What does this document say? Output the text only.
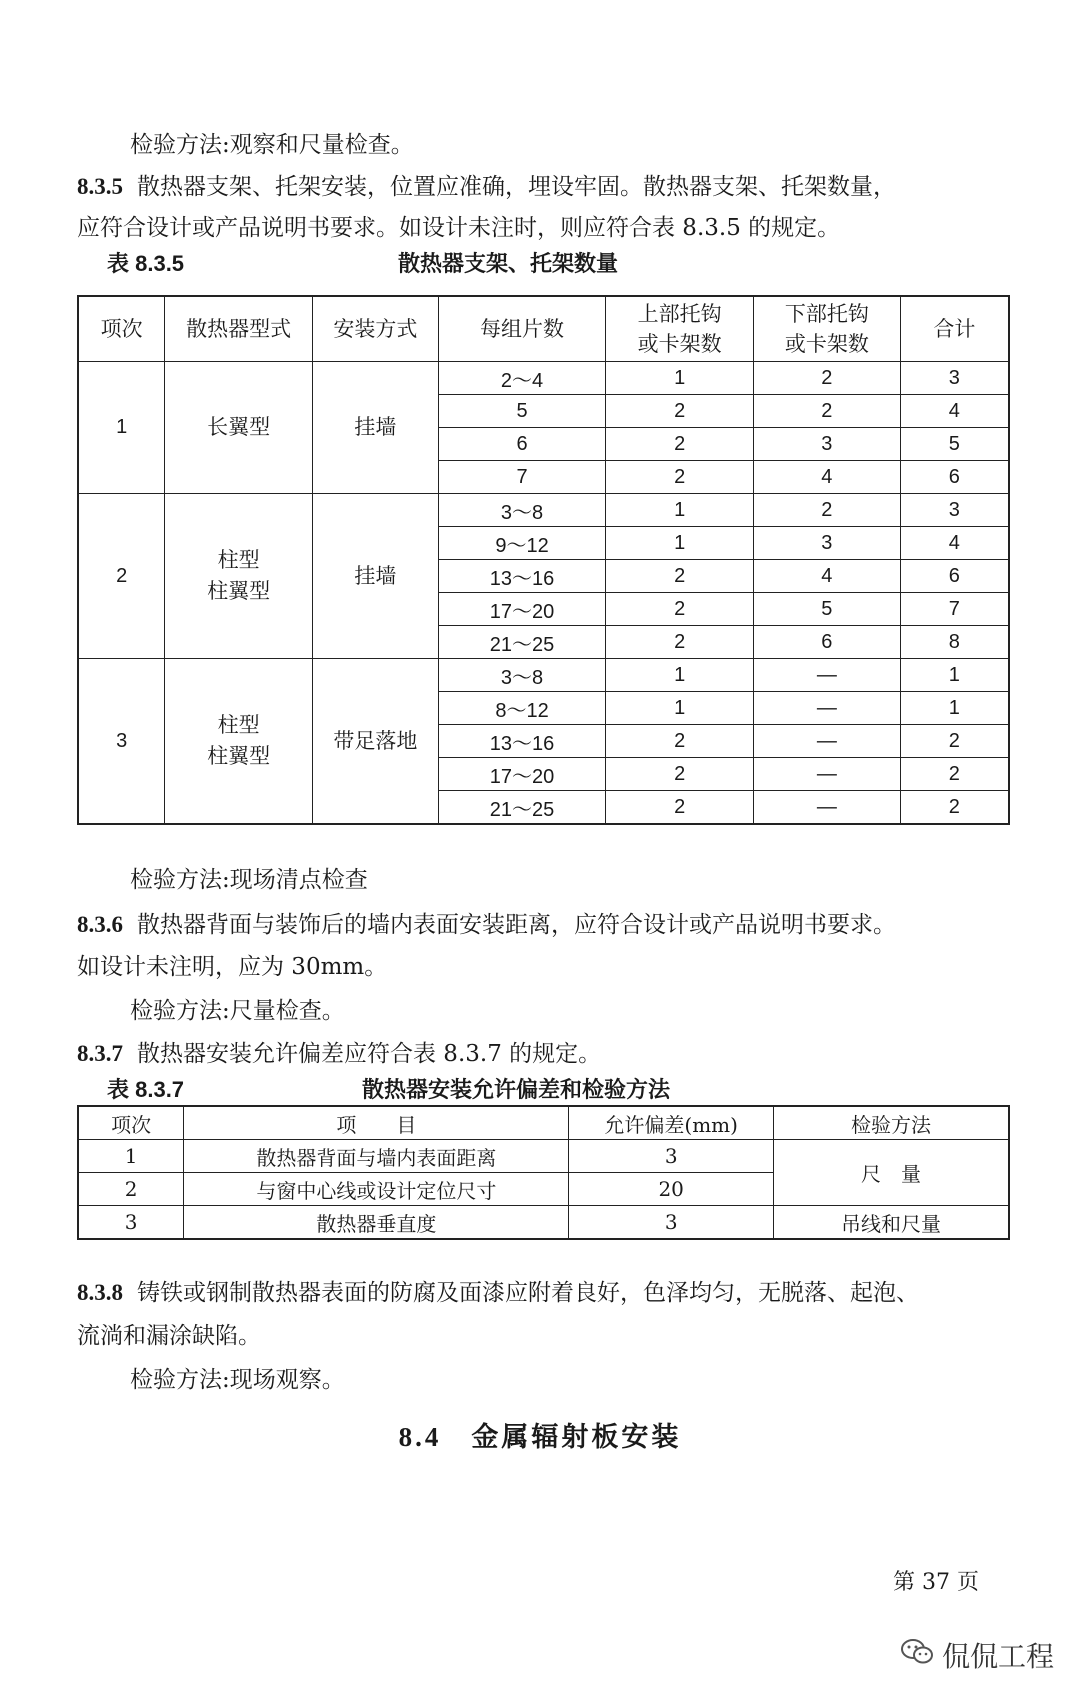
检验方法:观察和尺量检查。
8.3.5 散热器支架、托架安装，位置应准确，埋设牢固。散热器支架、托架数量，
应符合设计或产品说明书要求。如设计未注时，则应符合表 8.3.5 的规定。
表 8.3.5	散热器支架、托架数量
项次	散热器型式	安装方式	每组片数	上部托钩
或卡架数	下部托钩
或卡架数	合计
1	长翼型	挂墙	2～4	1	2	3
			5	2	2	4
			6	2	3	5
			7	2	4	6
2	柱型
柱翼型	挂墙	3～8	1	2	3
			9～12	1	3	4
			13～16	2	4	6
			17～20	2	5	7
			21～25	2	6	8
3	柱型
柱翼型	带足落地	3～8	1	—	1
			8～12	1	—	1
			13～16	2	—	2
			17～20	2	—	2
			21～25	2	—	2
检验方法:现场清点检查
8.3.6 散热器背面与装饰后的墙内表面安装距离，应符合设计或产品说明书要求。
如设计未注明，应为 30mm。
检验方法:尺量检查。
8.3.7 散热器安装允许偏差应符合表 8.3.7 的规定。
表 8.3.7	散热器安装允许偏差和检验方法
项次	项　　目	允许偏差(mm)	检验方法
1	散热器背面与墙内表面距离	3	尺　量
2	与窗中心线或设计定位尺寸	20	
3	散热器垂直度	3	吊线和尺量
8.3.8 铸铁或钢制散热器表面的防腐及面漆应附着良好，色泽均匀，无脱落、起泡、
流淌和漏涂缺陷。
检验方法:现场观察。
8.4 金属辐射板安装
第 37 页
侃侃工程
